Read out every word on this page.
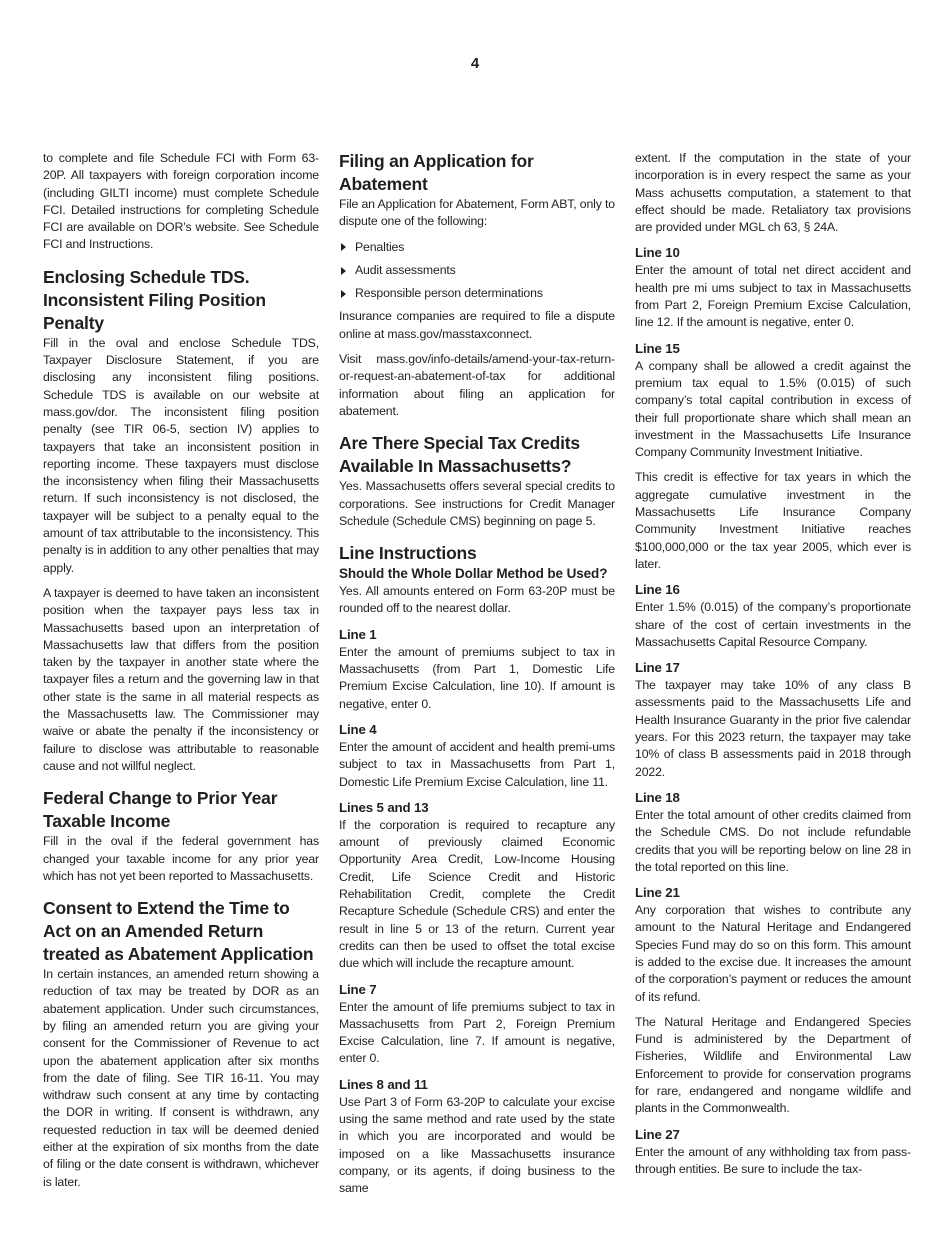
4

to complete and file Schedule FCI with Form 63-20P. All taxpayers with foreign corporation income (including GILTI income) must complete Schedule FCI. Detailed instructions for completing Schedule FCI are available on DOR’s website. See Schedule FCI and Instructions.

Enclosing Schedule TDS. Inconsistent Filing Position Penalty

Fill in the oval and enclose Schedule TDS, Taxpayer Disclosure Statement, if you are disclosing any inconsistent filing positions. Schedule TDS is available on our website at mass.gov/dor. The inconsistent filing position penalty (see TIR 06-5, section IV) applies to taxpayers that take an inconsistent position in reporting income. These taxpayers must disclose the inconsistency when filing their Massachusetts return. If such inconsistency is not disclosed, the taxpayer will be subject to a penalty equal to the amount of tax attributable to the inconsistency. This penalty is in addition to any other penalties that may apply.

A taxpayer is deemed to have taken an inconsistent position when the taxpayer pays less tax in Massachusetts based upon an interpretation of Massachusetts law that differs from the position taken by the taxpayer in another state where the taxpayer files a return and the governing law in that other state is the same in all material respects as the Massachusetts law. The Commissioner may waive or abate the penalty if the inconsistency or failure to disclose was attributable to reasonable cause and not willful neglect.

Federal Change to Prior Year Taxable Income

Fill in the oval if the federal government has changed your taxable income for any prior year which has not yet been reported to Massachusetts.

Consent to Extend the Time to Act on an Amended Return treated as Abatement Application

In certain instances, an amended return showing a reduction of tax may be treated by DOR as an abatement application. Under such circumstances, by filing an amended return you are giving your consent for the Commissioner of Revenue to act upon the abatement application after six months from the date of filing. See TIR 16-11. You may withdraw such consent at any time by contacting the DOR in writing. If consent is withdrawn, any requested reduction in tax will be deemed denied either at the expiration of six months from the date of filing or the date consent is withdrawn, whichever is later.

Filing an Application for Abatement

File an Application for Abatement, Form ABT, only to dispute one of the following:

Penalties
Audit assessments
Responsible person determinations

Insurance companies are required to file a dispute online at mass.gov/masstaxconnect.

Visit mass.gov/info-details/amend-your-tax-return-or-request-an-abatement-of-tax for additional information about filing an application for abatement.

Are There Special Tax Credits Available In Massachusetts?

Yes. Massachusetts offers several special credits to corporations. See instructions for Credit Manager Schedule (Schedule CMS) beginning on page 5.

Line Instructions
Should the Whole Dollar Method be Used?

Yes. All amounts entered on Form 63-20P must be rounded off to the nearest dollar.

Line 1

Enter the amount of premiums subject to tax in Massachusetts (from Part 1, Domestic Life Premium Excise Calculation, line 10). If amount is negative, enter 0.

Line 4

Enter the amount of accident and health premi-ums subject to tax in Massachusetts from Part 1, Domestic Life Premium Excise Calculation, line 11.

Lines 5 and 13

If the corporation is required to recapture any amount of previously claimed Economic Opportunity Area Credit, Low-Income Housing Credit, Life Science Credit and Historic Rehabilitation Credit, complete the Credit Recapture Schedule (Schedule CRS) and enter the result in line 5 or 13 of the return. Current year credits can then be used to offset the total excise due which will include the recapture amount.

Line 7

Enter the amount of life premiums subject to tax in Massachusetts from Part 2, Foreign Premium Excise Calculation, line 7. If amount is negative, enter 0.

Lines 8 and 11

Use Part 3 of Form 63-20P to calculate your excise using the same method and rate used by the state in which you are incorporated and would be imposed on a like Massachusetts insurance company, or its agents, if doing business to the same

extent. If the computation in the state of your incorporation is in every respect the same as your Mass achusetts computation, a statement to that effect should be made. Retaliatory tax provisions are provided under MGL ch 63, § 24A.

Line 10

Enter the amount of total net direct accident and health pre mi ums subject to tax in Massachusetts from Part 2, Foreign Premium Excise Calculation, line 12. If the amount is negative, enter 0.

Line 15

A company shall be allowed a credit against the premium tax equal to 1.5% (0.015) of such company’s total capital contribution in excess of their full proportionate share which shall mean an investment in the Massachusetts Life Insurance Company Community Investment Initiative.

This credit is effective for tax years in which the aggregate cumulative investment in the Massachusetts Life Insurance Company Community Investment Initiative reaches $100,000,000 or the tax year 2005, which ever is later.

Line 16

Enter 1.5% (0.015) of the company’s proportionate share of the cost of certain investments in the Massachusetts Capital Resource Company.

Line 17

The taxpayer may take 10% of any class B assessments paid to the Massachusetts Life and Health Insurance Guaranty in the prior five calendar years. For this 2023 return, the taxpayer may take 10% of class B assessments paid in 2018 through 2022.

Line 18

Enter the total amount of other credits claimed from the Schedule CMS. Do not include refundable credits that you will be reporting below on line 28 in the total reported on this line.

Line 21

Any corporation that wishes to contribute any amount to the Natural Heritage and Endangered Species Fund may do so on this form. This amount is added to the excise due. It increases the amount of the corporation’s payment or reduces the amount of its refund.

The Natural Heritage and Endangered Species Fund is administered by the Department of Fisheries, Wildlife and Environmental Law Enforcement to provide for conservation programs for rare, endangered and nongame wildlife and plants in the Commonwealth.

Line 27

Enter the amount of any withholding tax from pass-through entities. Be sure to include the tax-
